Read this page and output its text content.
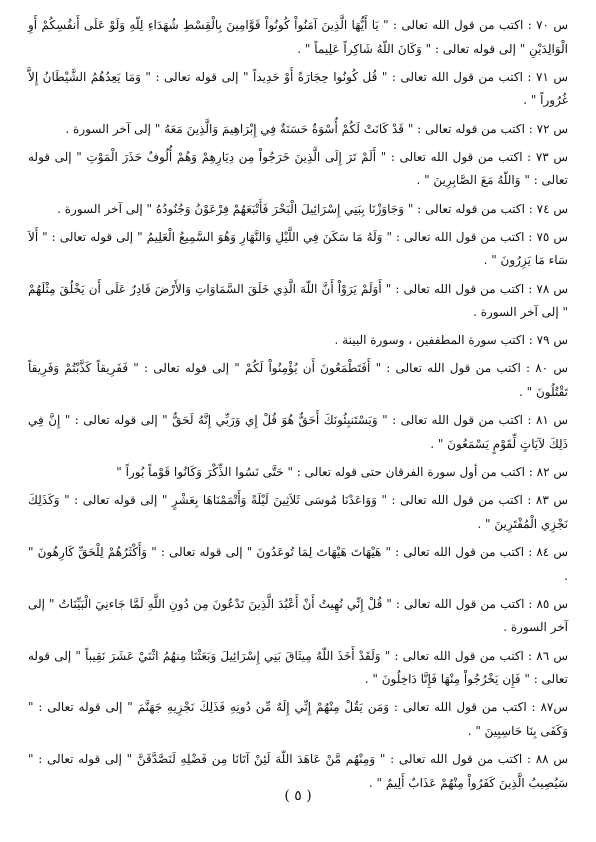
س ٧٠ : اكتب من قول الله تعالى : " يَا أَيُّهَا الَّذِينَ آمَنُواْ كُونُواْ قَوَّامِينَ بِالْقِسْطِ شُهَدَاءِ لِلّهِ وَلَوْ عَلَى أَنفُسِكُمْ أَوِ الْوَالِدَيْنِ " إلى قوله تعالى : " وَكَانَ اللّهُ شَاكِراً عَلِيماً " .

س ٧١ : اكتب من قول الله تعالى : " قُل كُونُوا حِجَارَةً أَوْ حَدِيداً " إلى قوله تعالى : " وَمَا يَعِدُهُمُ الشَّيْطَانُ إِلاَّ غُرُوراً " .

س ٧٢ : اكتب من قوله تعالى : " قَدْ كَانَتْ لَكُمْ أُسْوَةٌ حَسَنَةٌ فِي إِبْرَاهِيمَ وَالَّذِينَ مَعَهُ " إلى آخر السورة .

س ٧٣ : اكتب من قول الله تعالى : " أَلَمْ تَرَ إِلَى الَّذِينَ خَرَجُواْ مِن دِيَارِهِمْ وَهُمْ أُلُوفٌ حَذَرَ الْمَوْتِ " إلى قوله تعالى : " وَاللّهُ مَعَ الصَّابِرِينَ " .

س ٧٤ : اكتب من قوله تعالى : " وَجَاوَزْنَا بِبَنِي إِسْرَائِيلَ الْبَحْرَ فَأَتْبَعَهُمْ فِرْعَوْنُ وَجُنُودُهُ " إلى آخر السورة .

س ٧٥ : اكتب من قول الله تعالى : " وَلَهُ مَا سَكَنَ فِي اللَّيْلِ وَالنَّهَارِ وَهُوَ السَّمِيعُ الْعَلِيمُ " إلى قوله تعالى : " أَلاَ سَاء مَا يَزِرُونَ " .

س ٧٨ : اكتب من قول الله تعالى : " أَوَلَمْ يَرَوْاْ أَنَّ اللّهَ الَّذِي خَلَقَ السَّمَاوَاتِ وَالأَرْضَ قَادِرٌ عَلَى أَن يَخْلُقَ مِثْلَهُمْ " إلى آخر السورة .

س ٧٩ : اكتب سورة المطففين ، وسورة البينة .

س ٨٠ : اكتب من قول الله تعالى : " أَفَتَطْمَعُونَ أَن يُؤْمِنُواْ لَكُمْ " إلى قوله تعالى : " فَفَرِيقاً كَذَّبْتُمْ وَفَرِيقاً تَقْتُلُونَ " .

س ٨١ : اكتب من قول الله تعالى : " وَيَسْتَنبِئُونَكَ أَحَقٌّ هُوَ قُلْ إِي وَرَبِّي إِنَّهُ لَحَقٌّ " إلى قوله تعالى : " إِنَّ فِي ذَلِكَ لآيَاتٍ لِّقَوْمٍ يَسْمَعُونَ " .

س ٨٢ : اكتب من أول سورة الفرقان حتى قوله تعالى : " حَتَّى نَسُوا الذِّكْرَ وَكَانُوا قَوْماً بُوراً "

س ٨٣ : اكتب من قول الله تعالى : " وَوَاعَدْنَا مُوسَى ثَلاَثِينَ لَيْلَةً وَأَتْمَمْنَاهَا بِعَشْرٍ " إلى قوله تعالى : " وَكَذَلِكَ نَجْزِي الْمُفْتَرِينَ " .

س ٨٤ : اكتب من قول الله تعالى : " هَيْهَاتَ هَيْهَاتَ لِمَا تُوعَدُونَ " إلى قوله تعالى : " وَأَكْثَرُهُمْ لِلْحَقِّ كَارِهُونَ " .

س ٨٥ : اكتب من قول الله تعالى : " قُلْ إِنِّي نُهِيتُ أَنْ أَعْبُدَ الَّذِينَ تَدْعُونَ مِن دُونِ اللَّهِ لَمَّا جَاءنِيَ الْبَيِّنَاتُ " إلى آخر السورة .

س ٨٦ : اكتب من قول الله تعالى : " وَلَقَدْ أَخَذَ اللّهُ مِيثَاقَ بَنِي إِسْرَائِيلَ وَبَعَثْنَا مِنهُمُ اثْنَيْ عَشَرَ نَقِيباً " إلى قوله تعالى : " فَإِن يَخْرُجُواْ مِنْهَا فَإِنَّا دَاخِلُونَ " .

س٨٧ : اكتب من قول الله تعالى : وَمَن يَقُلْ مِنْهُمْ إِنِّي إِلَهٌ مِّن دُونِهِ فَذَلِكَ نَجْزِيهِ جَهَنَّمَ " إلى قوله تعالى : " وَكَفَى بِنَا حَاسِبِينَ " .

س ٨٨ : اكتب من قول الله تعالى : " وَمِنْهُم مَّنْ عَاهَدَ اللّهَ لَئِنْ آتَانَا مِن فَضْلِهِ لَنَصَّدَّقَنَّ " إلى قوله تعالى : " سَيُصِيبُ الَّذِينَ كَفَرُواْ مِنْهُمْ عَذَابٌ أَلِيمٌ " .

( ٥ )
